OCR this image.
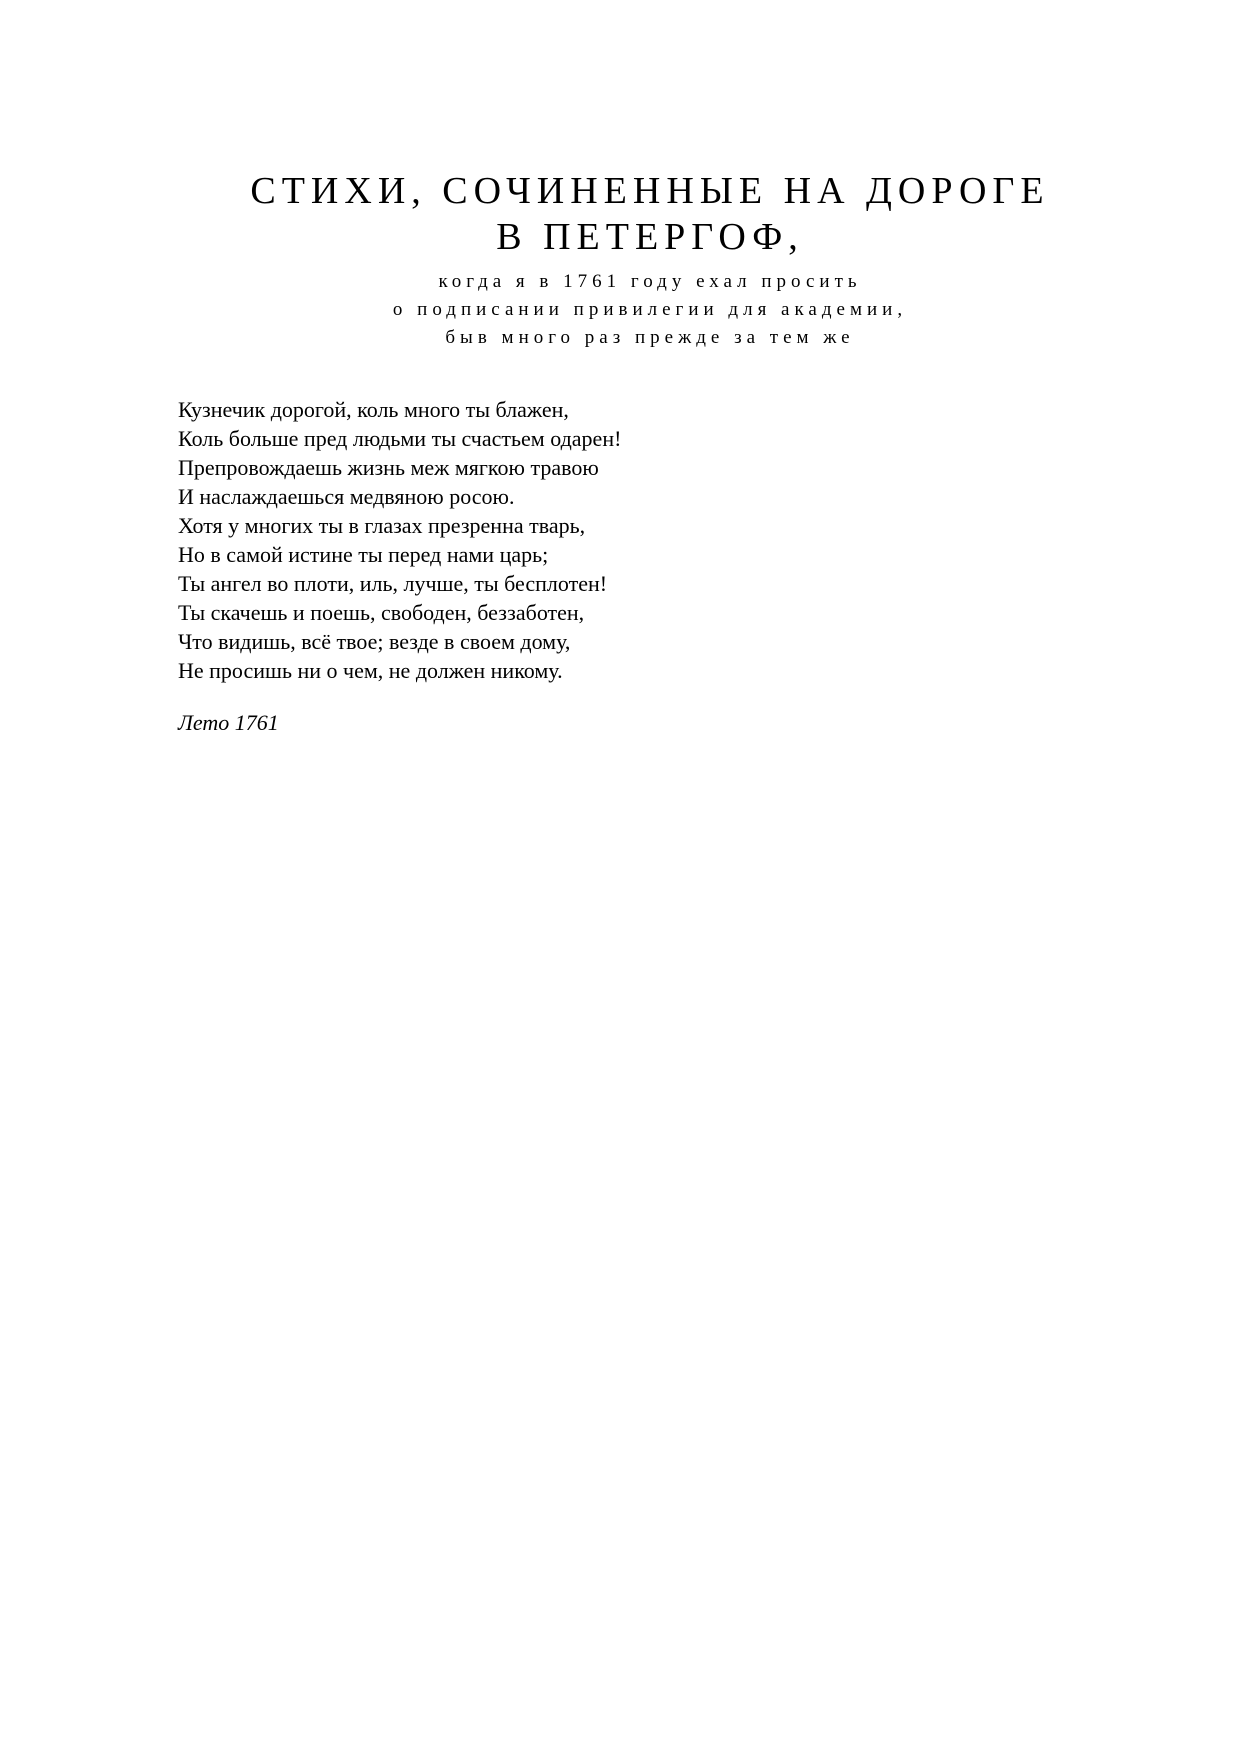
СТИХИ, СОЧИНЕННЫЕ НА ДОРОГЕ В ПЕТЕРГОФ,
когда я в 1761 году ехал просить
о подписании привилегии для академии,
быв много раз прежде за тем же
Кузнечик дорогой, коль много ты блажен,
Коль больше пред людьми ты счастьем одарен!
Препровождаешь жизнь меж мягкою травою
И наслаждаешься медвяною росою.
Хотя у многих ты в глазах презренна тварь,
Но в самой истине ты перед нами царь;
Ты ангел во плоти, иль, лучше, ты бесплотен!
Ты скачешь и поешь, свободен, беззаботен,
Что видишь, всё твое; везде в своем дому,
Не просишь ни о чем, не должен никому.
Лето 1761
